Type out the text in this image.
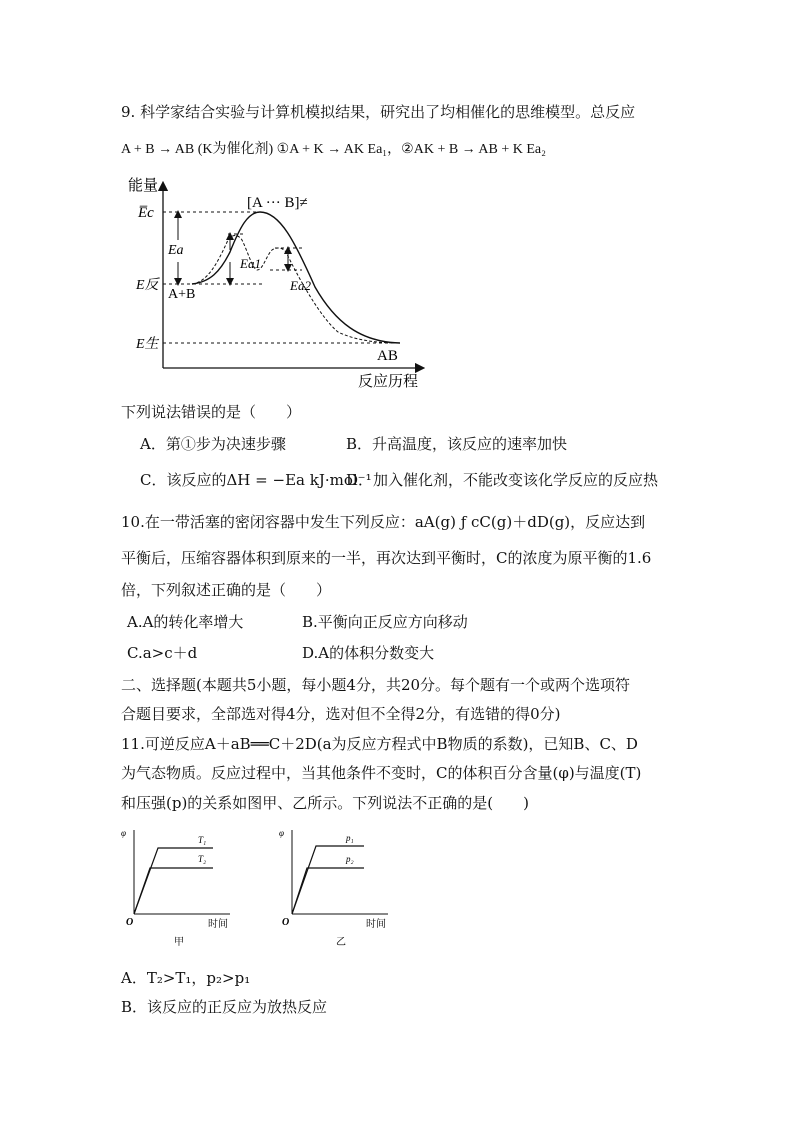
9. 科学家结合实验与计算机模拟结果，研究出了均相催化的思维模型。总反应
A + B → AB (K为催化剂) ①A + K → AK Ea₁，②AK + B → AB + K Ea₂
能量
反应历程
[A ··· B]≠
E̅c
E反
E生
A+B
AB
Ea
Ea1
Ea2
下列说法错误的是（　　）
A．第①步为决速步骤	B．升高温度，该反应的速率加快
C．该反应的ΔH = −Ea kJ·mol⁻¹
D．加入催化剂，不能改变该化学反应的反应热
10.在一带活塞的密闭容器中发生下列反应：aA(g) ƒ cC(g)＋dD(g)，反应达到
平衡后，压缩容器体积到原来的一半，再次达到平衡时，C的浓度为原平衡的1.6
倍，下列叙述正确的是（　　）
A.A的转化率增大	B.平衡向正反应方向移动
C.a>c＋d	D.A的体积分数变大
二、选择题(本题共5小题，每小题4分，共20分。每个题有一个或两个选项符
合题目要求，全部选对得4分，选对但不全得2分，有选错的得0分)
11.可逆反应A＋aB══C＋2D(a为反应方程式中B物质的系数)，已知B、C、D
为气态物质。反应过程中，当其他条件不变时，C的体积百分含量(φ)与温度(T)
和压强(p)的关系如图甲、乙所示。下列说法不正确的是(　　)
φ
O	时间
甲
T₁
T₂
φ
O	时间
乙
p₁
p₂
A．T₂>T₁，p₂>p₁
B．该反应的正反应为放热反应
